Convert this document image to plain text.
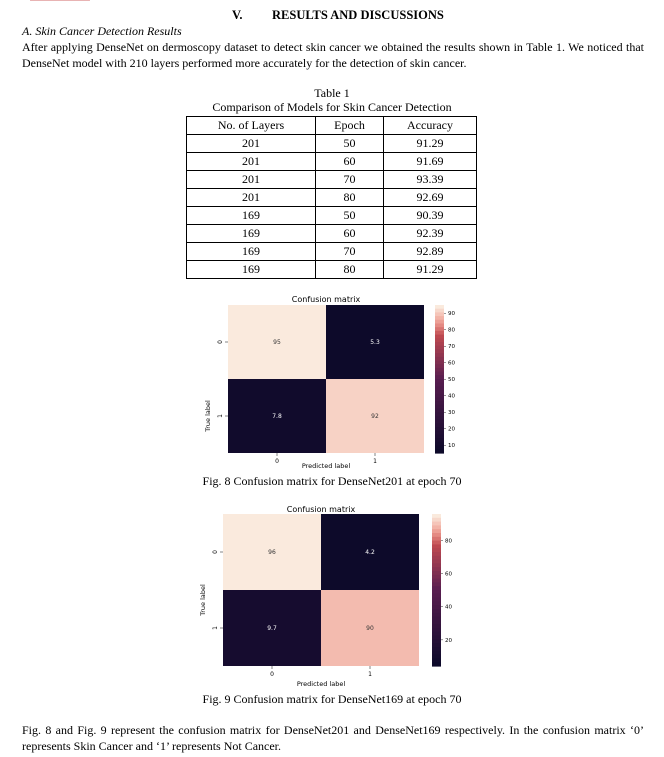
V. RESULTS AND DISCUSSIONS
A. Skin Cancer Detection Results
After applying DenseNet on dermoscopy dataset to detect skin cancer we obtained the results shown in Table 1. We noticed that DenseNet model with 210 layers performed more accurately for the detection of skin cancer.
Table 1
Comparison of Models for Skin Cancer Detection
No. of Layers	Epoch	Accuracy
201	50	91.29
201	60	91.69
201	70	93.39
201	80	92.69
169	50	90.39
169	60	92.39
169	70	92.89
169	80	91.29
Confusion matrix
95	5.3
7.8	92
0	1
0
1
10
20
30
40
50
60
70
80
90
Predicted label
True label
Fig. 8 Confusion matrix for DenseNet201 at epoch 70
Confusion matrix
96	4.2
9.7	90
0	1
0
1
20
40
60
80
Predicted label
True label
Fig. 9 Confusion matrix for DenseNet169 at epoch 70
Fig. 8 and Fig. 9 represent the confusion matrix for DenseNet201 and DenseNet169 respectively. In the confusion matrix ‘0’ represents Skin Cancer and ‘1’ represents Not Cancer.
